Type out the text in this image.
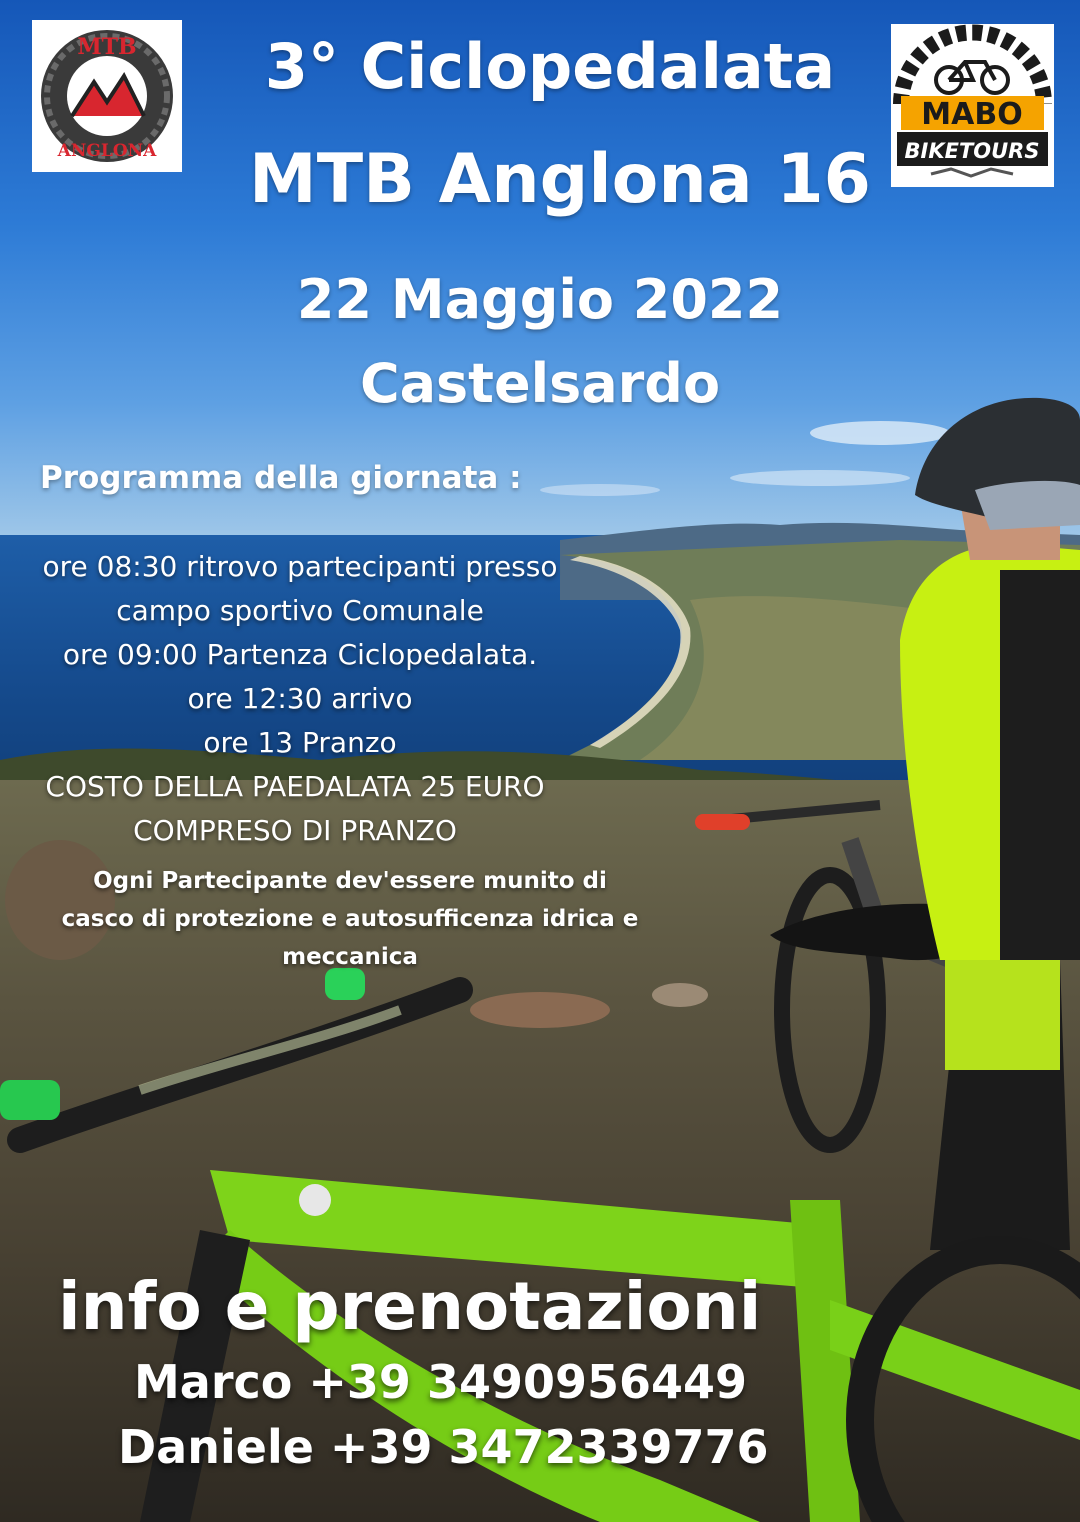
MTB
ANGLONA
MABO
BIKETOURS
3° Ciclopedalata
MTB Anglona 16
22 Maggio 2022
Castelsardo
Programma della giornata :
ore 08:30 ritrovo partecipanti presso
campo sportivo Comunale
ore 09:00 Partenza Ciclopedalata.
ore 12:30 arrivo
ore 13 Pranzo
COSTO DELLA PAEDALATA 25 EURO
COMPRESO DI PRANZO
Ogni Partecipante dev'essere munito di
casco di protezione e autosufficenza idrica e
meccanica
info e prenotazioni
Marco +39 3490956449
Daniele +39 3472339776
